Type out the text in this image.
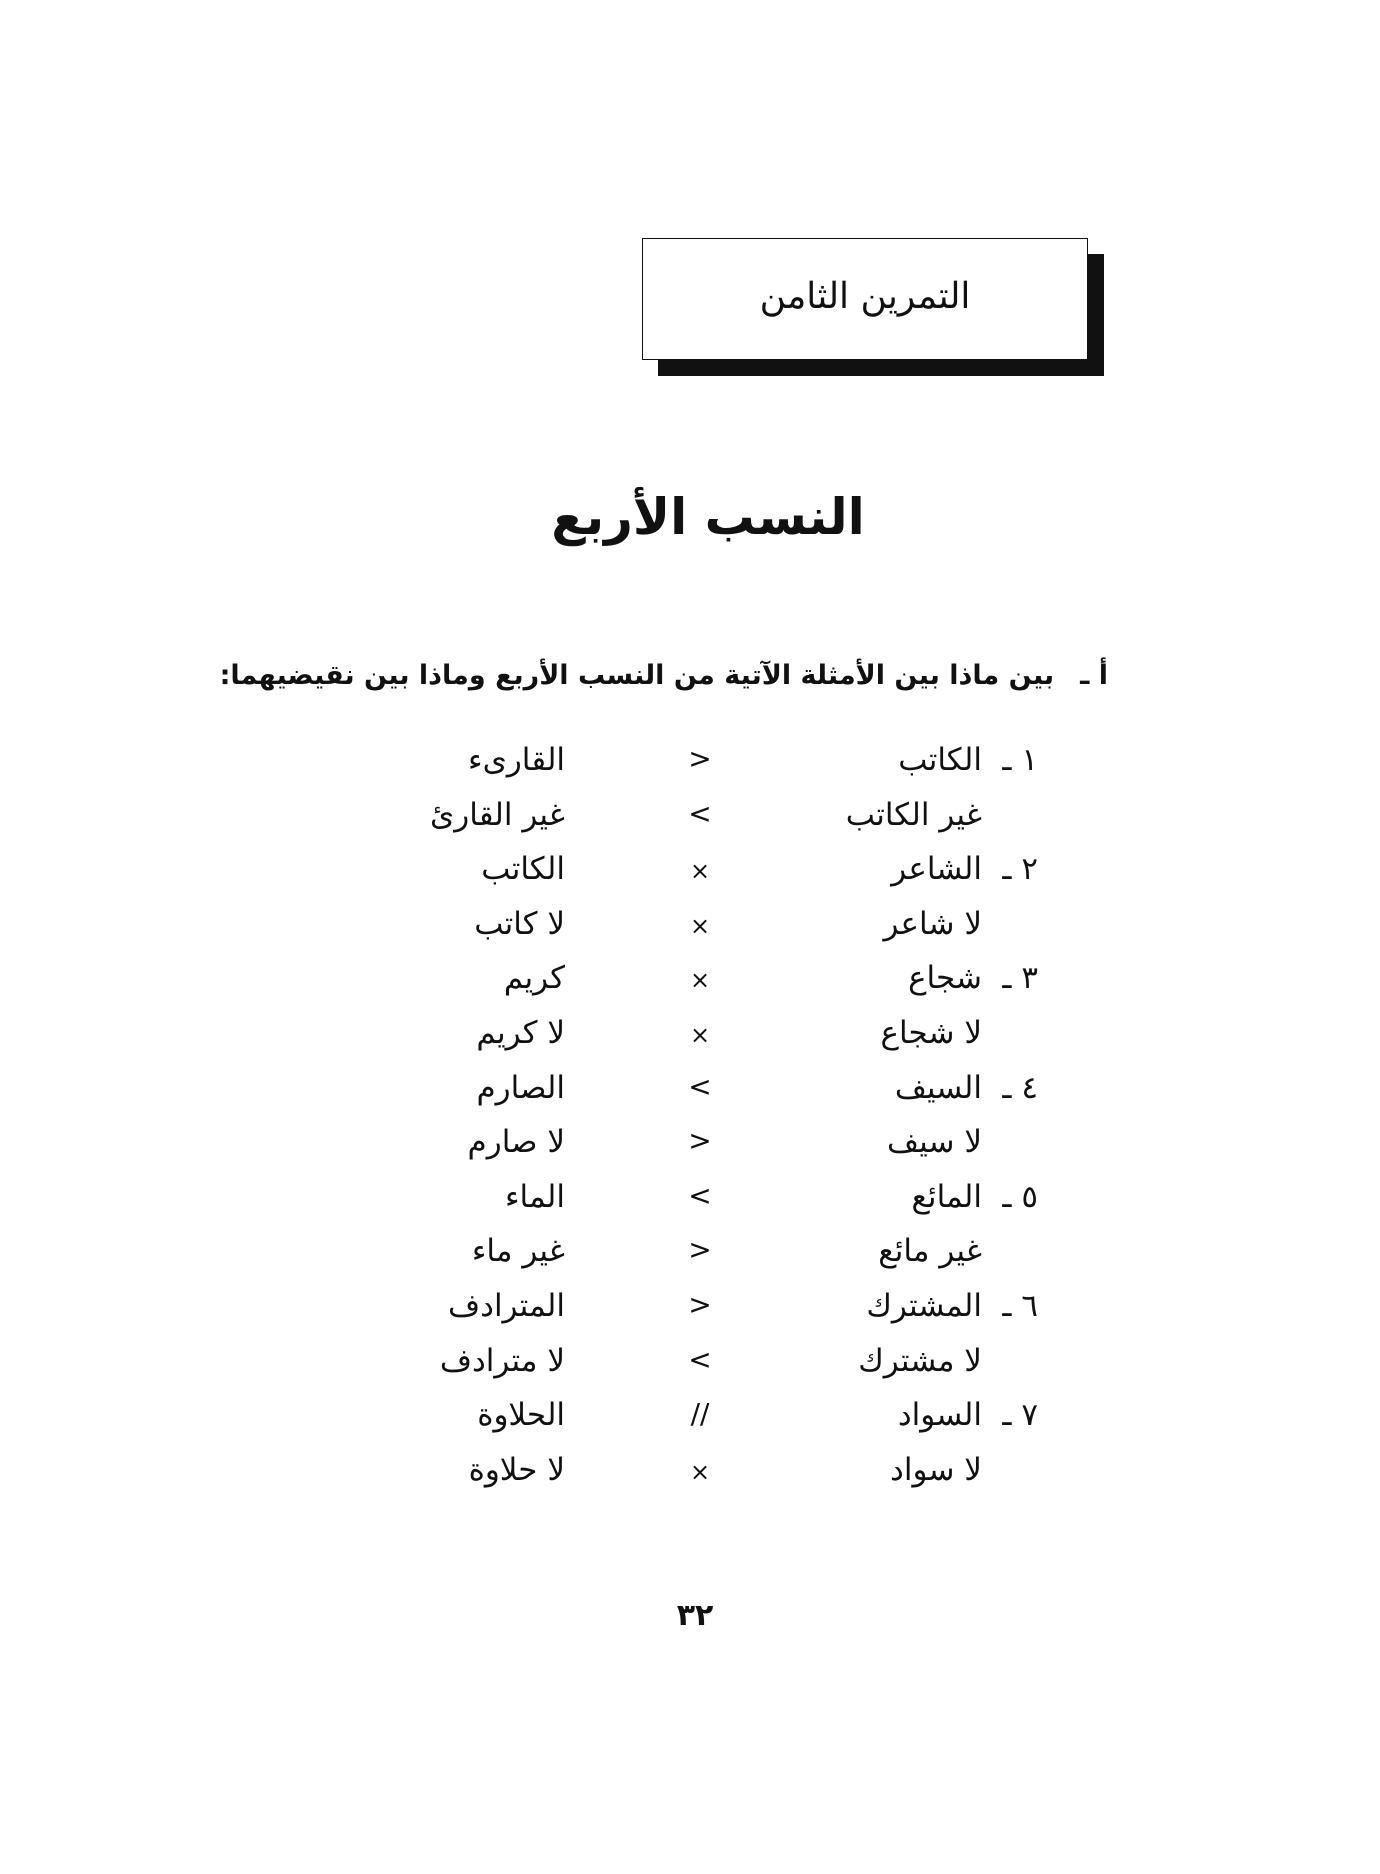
التمرين الثامن
النسب الأربع
أ ـبين ماذا بين الأمثلة الآتية من النسب الأربع وماذا بين نقيضيهما:
١ ـالكاتب
>
القارىء
غير الكاتب
<
غير القارئ
٢ ـالشاعر
×
الكاتب
لا شاعر
×
لا كاتب
٣ ـشجاع
×
كريم
لا شجاع
×
لا كريم
٤ ـالسيف
<
الصارم
لا سيف
>
لا صارم
٥ ـالمائع
<
الماء
غير مائع
>
غير ماء
٦ ـالمشترك
>
المترادف
لا مشترك
<
لا مترادف
٧ ـالسواد
//
الحلاوة
لا سواد
×
لا حلاوة
٣٢
